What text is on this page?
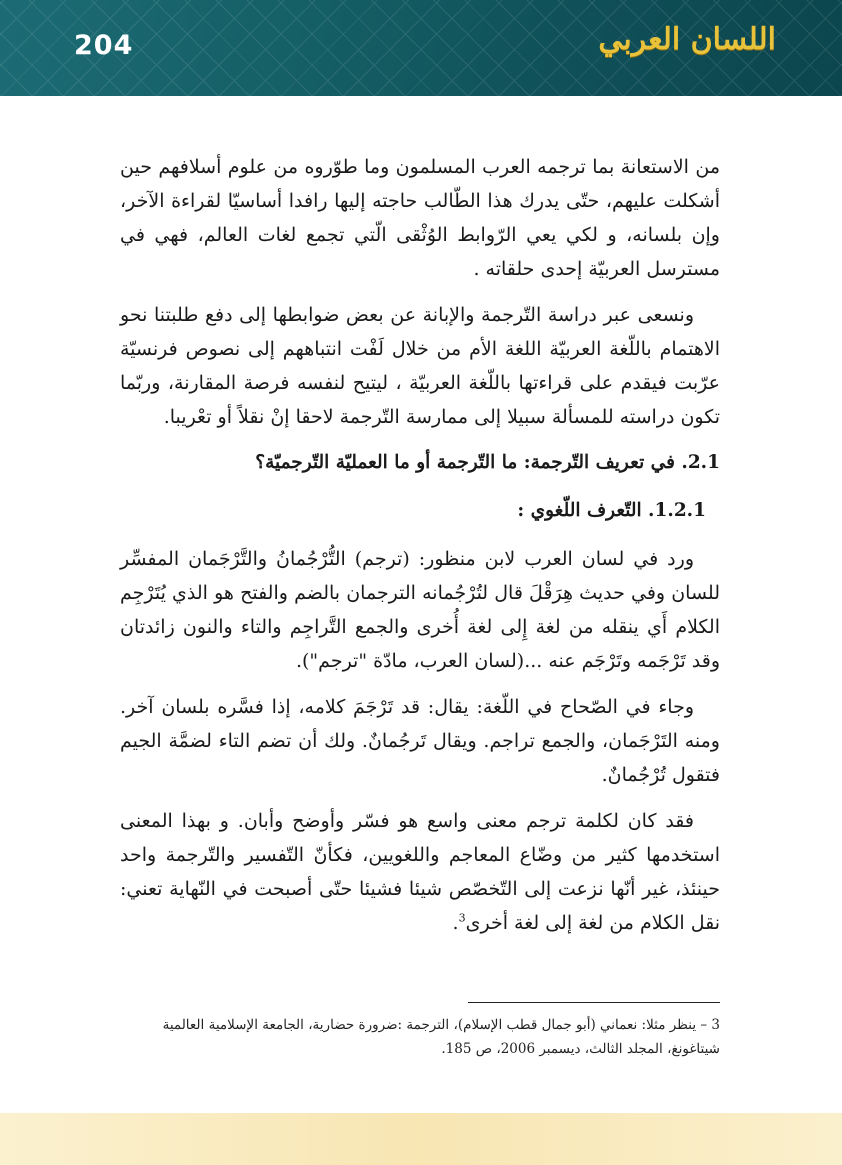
204	اللسان العربي

من الاستعانة بما ترجمه العرب المسلمون وما طوّروه من علوم أسلافهم حين أشكلت عليهم، حتّى يدرك هذا الطّالب حاجته إليها رافدا أساسيّا لقراءة الآخر، وإن بلسانه، و لكي يعي الرّوابط الوُثْقى الّتي تجمع لغات العالم، فهي في مسترسل العربيّة إحدى حلقاته .

ونسعى عبر دراسة التّرجمة والإبانة عن بعض ضوابطها إلى دفع طلبتنا نحو الاهتمام باللّغة العربيّة اللغة الأم من خلال لَفْت انتباههم إلى نصوص فرنسيّة عرّبت فيقدم على قراءتها باللّغة العربيّة ، ليتيح لنفسه فرصة المقارنة، وربّما تكون دراسته للمسألة سبيلا إلى ممارسة التّرجمة لاحقا إنْ نقلاً أو تعْريبا.

2.1. في تعريف التّرجمة: ما التّرجمة أو ما العمليّة التّرجميّة؟
1.2.1. التّعرف اللّغوي :

ورد في لسان العرب لابن منظور: (ترجم) التُّرْجُمانُ والتَّرْجَمان المفسِّر للسان وفي حديث هِرَقْلَ قال لتُرْجُمانه الترجمان بالضم والفتح هو الذي يُتَرْجِم الكلام أَي ينقله من لغة إِلى لغة أُخرى والجمع التَّراجِم والتاء والنون زائدتان وقد تَرْجَمه وتَرْجَم عنه ...(لسان العرب، مادّة "ترجم").

وجاء في الصّحاح في اللّغة: يقال: قد تَرْجَمَ كلامه، إذا فسَّره بلسان آخر. ومنه التَرْجَمان، والجمع تراجم. ويقال تَرجُمانٌ. ولك أن تضم التاء لضمَّة الجيم فتقول تُرْجُمانٌ.

فقد كان لكلمة ترجم معنى واسع هو فسّر وأوضح وأبان. و بهذا المعنى استخدمها كثير من وضّاع المعاجم واللغويين، فكأنّ التّفسير والتّرجمة واحد حينئذ، غير أنّها نزعت إلى التّخصّص شيئا فشيئا حتّى أصبحت في النّهاية تعني: نقل الكلام من لغة إلى لغة أخرى$^3$.

3 – ينظر مثلا: نعماني (أبو جمال قطب الإسلام)، الترجمة :ضرورة حضارية، الجامعة الإسلامية العالمية شيتاغونغ، المجلد الثالث، ديسمبر 2006، ص 185.
